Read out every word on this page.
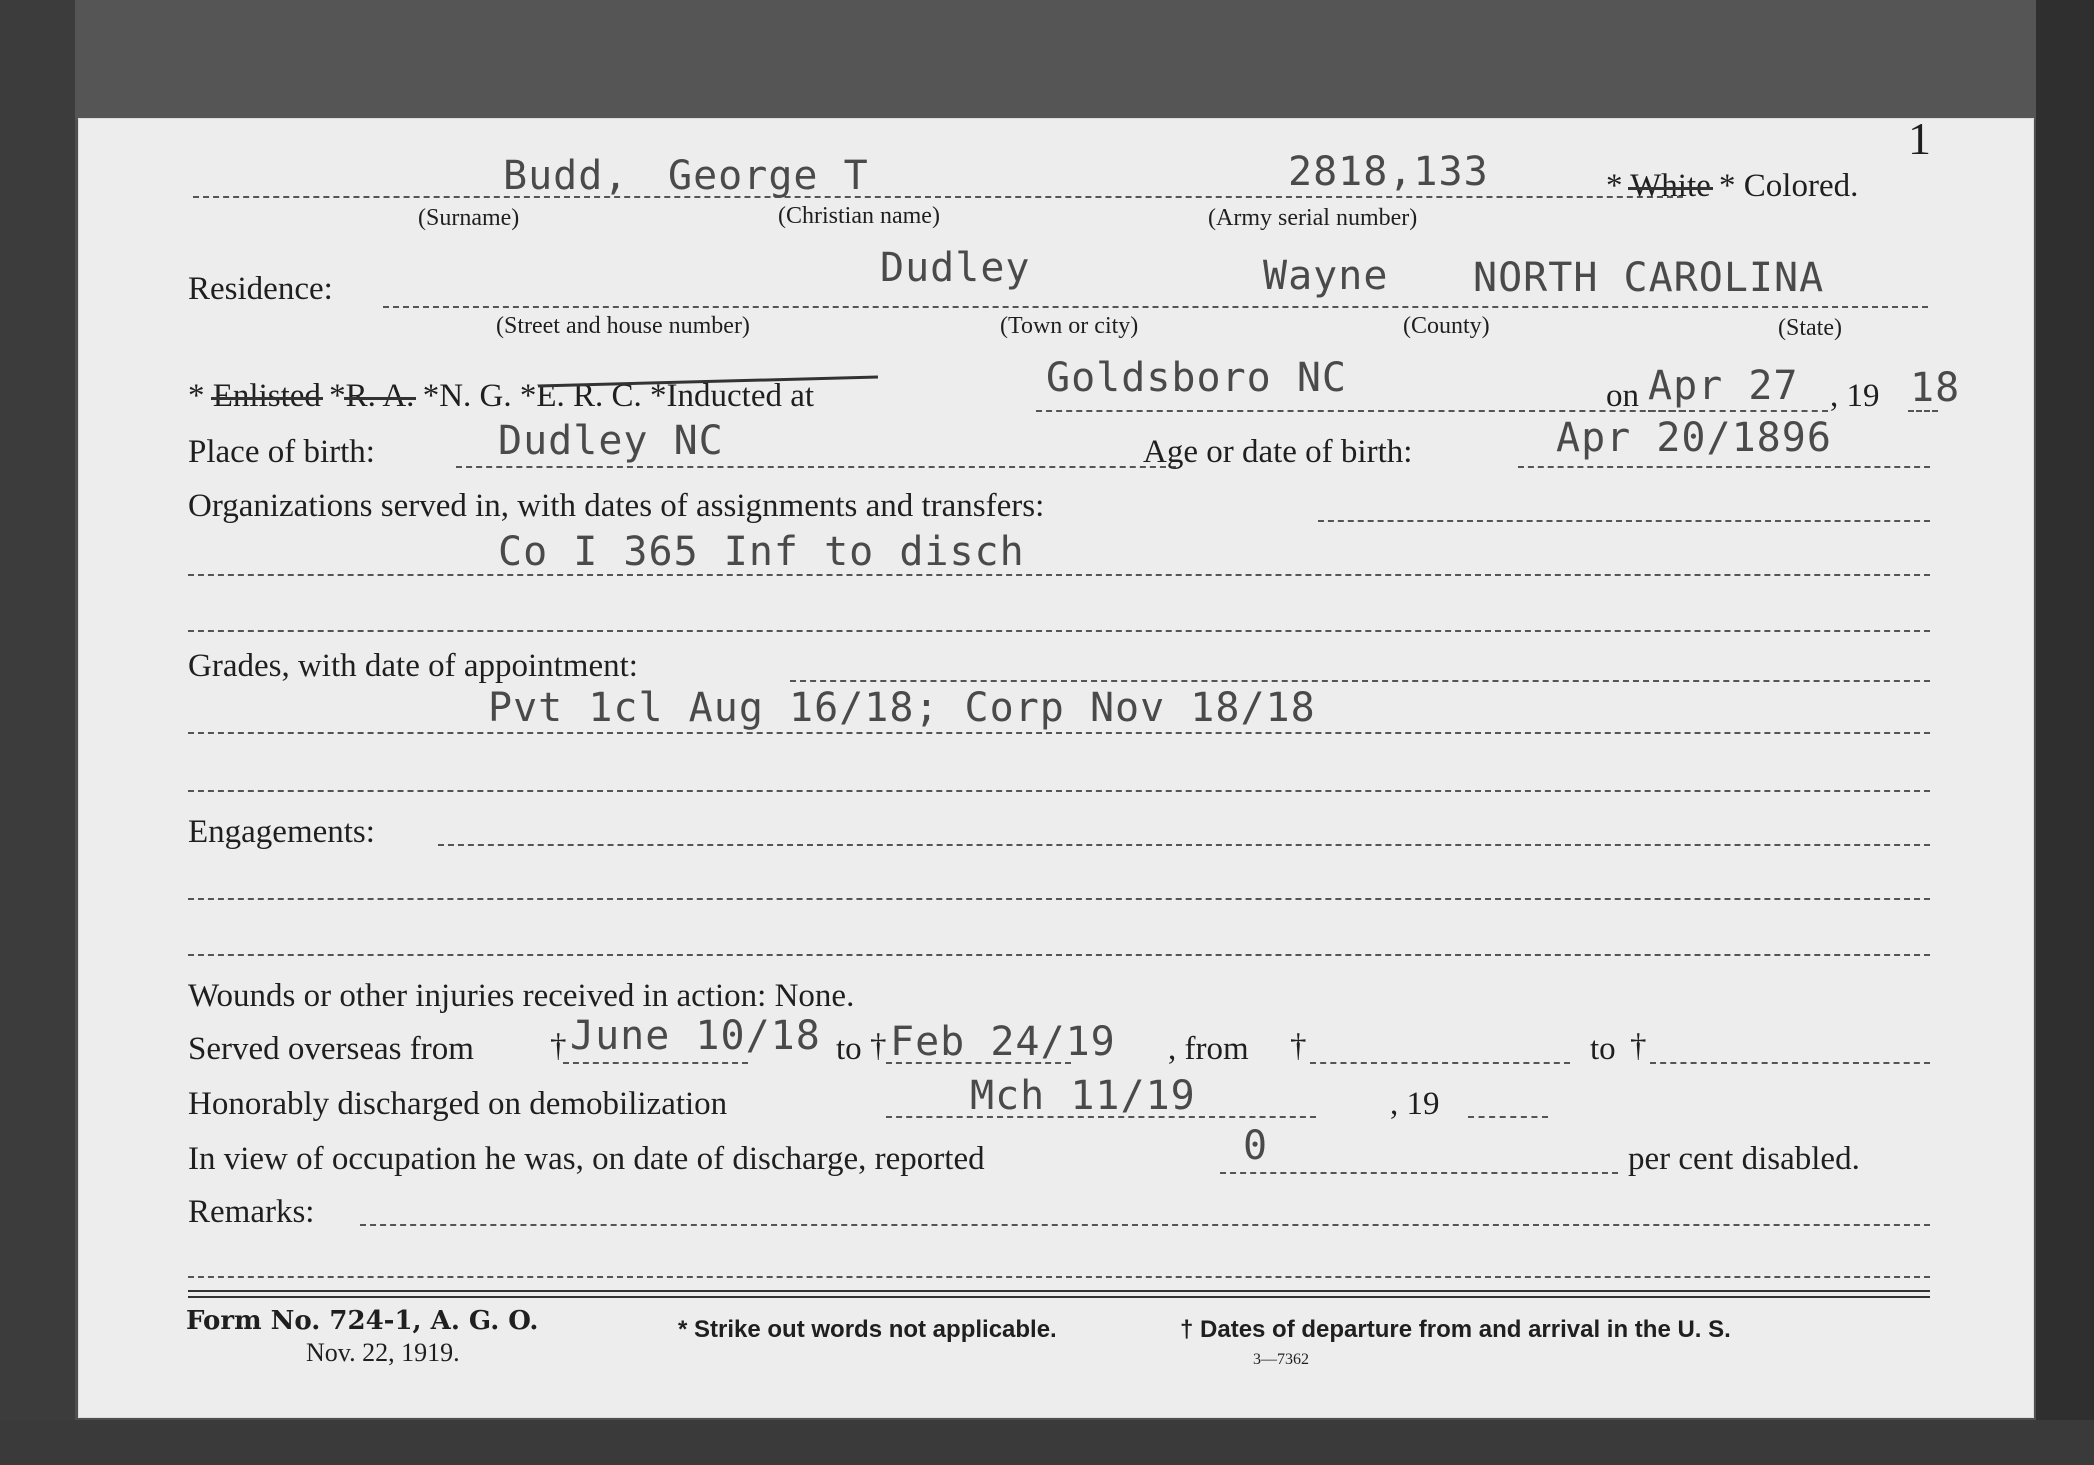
1
Budd, George T	2818,133
(Surname)	(Christian name)	(Army serial number)
* White * Colored.
Residence:	Dudley	Wayne NORTH CAROLINA
(Street and house number)	(Town or city)	(County)	(State)
* Enlisted *R. A. *N. G. *E. R. C. *Inducted at	Goldsboro NC	on Apr 27 , 19 18
Place of birth:	Dudley NC	Age or date of birth:	Apr 20/1896
Organizations served in, with dates of assignments and transfers:
Co I 365 Inf to disch
Grades, with date of appointment:
Pvt 1cl Aug 16/18; Corp Nov 18/18
Engagements:
Wounds or other injuries received in action: None.
Served overseas from † June 10/18 to † Feb 24/19 , from †	to †
Honorably discharged on demobilization	Mch 11/19	, 19
In view of occupation he was, on date of discharge, reported	0	per cent disabled.
Remarks:
Form No. 724-1, A. G. O.
Nov. 22, 1919.
* Strike out words not applicable.	† Dates of departure from and arrival in the U. S.
3—7362
